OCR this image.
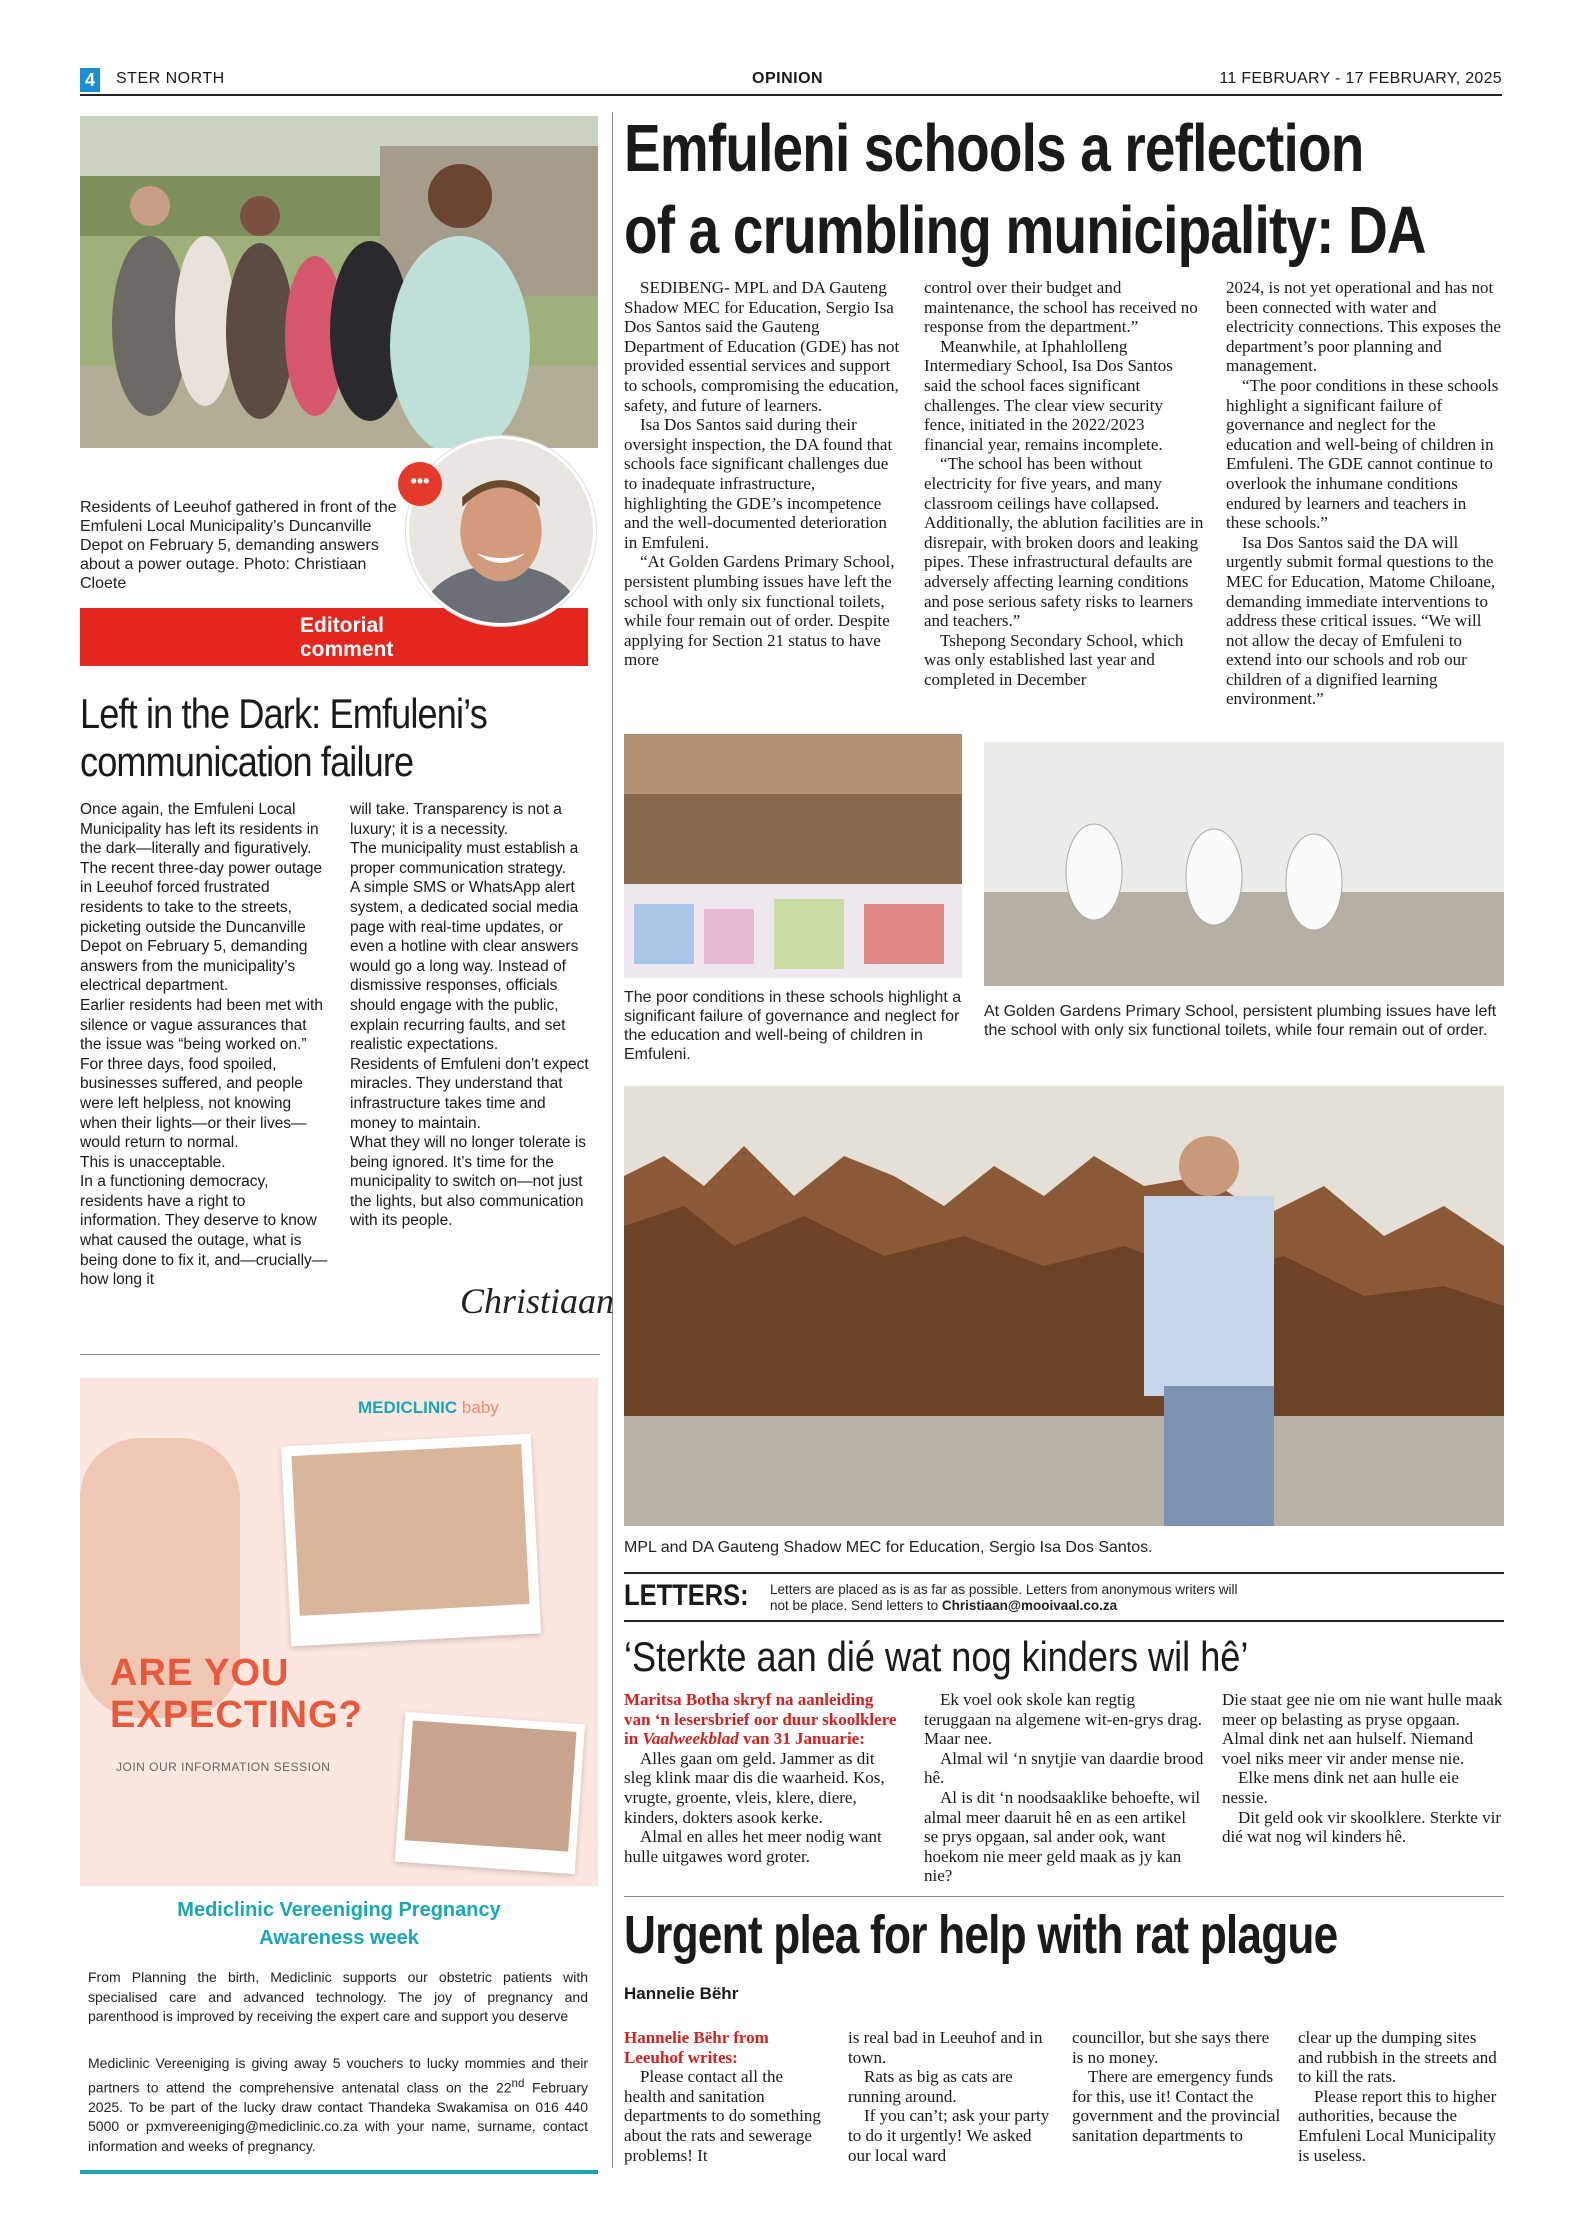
4	STER NORTH	OPINION	11 FEBRUARY - 17 FEBRUARY, 2025
Residents of Leeuhof gathered in front of the Emfuleni Local Municipality’s Duncanville Depot on February 5, demanding answers about a power outage. Photo: Christiaan Cloete
•••
Editorial
comment
Left in the Dark: Emfuleni’s
communication failure

Once again, the Emfuleni Local Municipality has left its residents in the dark—literally and figuratively. The recent three-day power outage in Leeuhof forced frustrated residents to take to the streets, picketing outside the Duncanville Depot on February 5, demanding answers from the municipality’s electrical department.

Earlier residents had been met with silence or vague assurances that the issue was “being worked on.”

For three days, food spoiled, businesses suffered, and people were left helpless, not knowing when their lights—or their lives—would return to normal.

This is unacceptable.

In a functioning democracy, residents have a right to information. They deserve to know what caused the outage, what is being done to fix it, and—crucially—how long it

will take. Transparency is not a luxury; it is a necessity.

The municipality must establish a proper communication strategy.

A simple SMS or WhatsApp alert system, a dedicated social media page with real-time updates, or even a hotline with clear answers would go a long way. Instead of dismissive responses, officials should engage with the public, explain recurring faults, and set realistic expectations.

Residents of Emfuleni don’t expect miracles. They understand that infrastructure takes time and money to maintain.

What they will no longer tolerate is being ignored. It’s time for the municipality to switch on—not just the lights, but also communication with its people.

Christiaan
MEDICLINIC baby
ARE YOU
EXPECTING?
JOIN OUR INFORMATION SESSION
Mediclinic Vereeniging Pregnancy
Awareness week
From Planning the birth, Mediclinic supports our obstetric patients with specialised care and advanced technology. The joy of pregnancy and parenthood is improved by receiving the expert care and support you deserve
Mediclinic Vereeniging is giving away 5 vouchers to lucky mommies and their partners to attend the comprehensive antenatal class on the 22nd February 2025. To be part of the lucky draw contact Thandeka Swakamisa on 016 440 5000 or pxmvereeniging@mediclinic.co.za with your name, surname, contact information and weeks of pregnancy.
Emfuleni schools a reflection
of a crumbling municipality: DA

SEDIBENG- MPL and DA Gauteng Shadow MEC for Education, Sergio Isa Dos Santos said the Gauteng Department of Education (GDE) has not provided essential services and support to schools, compromising the education, safety, and future of learners.

Isa Dos Santos said during their oversight inspection, the DA found that schools face significant challenges due to inadequate infrastructure, highlighting the GDE’s incompetence and the well-documented deterioration in Emfuleni.

“At Golden Gardens Primary School, persistent plumbing issues have left the school with only six functional toilets, while four remain out of order. Despite applying for Section 21 status to have more

control over their budget and maintenance, the school has received no response from the department.”

Meanwhile, at Iphahlolleng Intermediary School, Isa Dos Santos said the school faces significant challenges. The clear view security fence, initiated in the 2022/2023 financial year, remains incomplete.

“The school has been without electricity for five years, and many classroom ceilings have collapsed. Additionally, the ablution facilities are in disrepair, with broken doors and leaking pipes. These infrastructural defaults are adversely affecting learning conditions and pose serious safety risks to learners and teachers.”

Tshepong Secondary School, which was only established last year and completed in December

2024, is not yet operational and has not been connected with water and electricity connections. This exposes the department’s poor planning and management.

“The poor conditions in these schools highlight a significant failure of governance and neglect for the education and well-being of children in Emfuleni. The GDE cannot continue to overlook the inhumane conditions endured by learners and teachers in these schools.”

Isa Dos Santos said the DA will urgently submit formal questions to the MEC for Education, Matome Chiloane, demanding immediate interventions to address these critical issues. “We will not allow the decay of Emfuleni to extend into our schools and rob our children of a dignified learning environment.”

The poor conditions in these schools highlight a significant failure of governance and neglect for the education and well-being of children in Emfuleni.
At Golden Gardens Primary School, persistent plumbing issues have left the school with only six functional toilets, while four remain out of order.
MPL and DA Gauteng Shadow MEC for Education, Sergio Isa Dos Santos.
LETTERS: Letters are placed as is as far as possible. Letters from anonymous writers will
not be place. Send letters to Christiaan@mooivaal.co.za
‘Sterkte aan dié wat nog kinders wil hê’

Maritsa Botha skryf na aanleiding van ‘n lesersbrief oor duur skoolklere in Vaalweekblad van 31 Januarie:

Alles gaan om geld. Jammer as dit sleg klink maar dis die waarheid. Kos, vrugte, groente, vleis, klere, diere, kinders, dokters asook kerke.

Almal en alles het meer nodig want hulle uitgawes word groter.

Ek voel ook skole kan regtig teruggaan na algemene wit-en-grys drag. Maar nee.

Almal wil ‘n snytjie van daardie brood hê.

Al is dit ‘n noodsaaklike behoefte, wil almal meer daaruit hê en as een artikel se prys opgaan, sal ander ook, want hoekom nie meer geld maak as jy kan nie?

Die staat gee nie om nie want hulle maak meer op belasting as pryse opgaan. Almal dink net aan hulself. Niemand voel niks meer vir ander mense nie.

Elke mens dink net aan hulle eie nessie.

Dit geld ook vir skoolklere. Sterkte vir dié wat nog wil kinders hê.

Urgent plea for help with rat plague
Hannelie Bëhr

Hannelie Bëhr from Leeuhof writes:

Please contact all the health and sanitation departments to do something about the rats and sewerage problems! It

is real bad in Leeuhof and in town.

Rats as big as cats are running around.

If you can’t; ask your party to do it urgently! We asked our local ward

councillor, but she says there is no money.

There are emergency funds for this, use it! Contact the government and the provincial sanitation departments to

clear up the dumping sites and rubbish in the streets and to kill the rats.

Please report this to higher authorities, because the Emfuleni Local Municipality is useless.
